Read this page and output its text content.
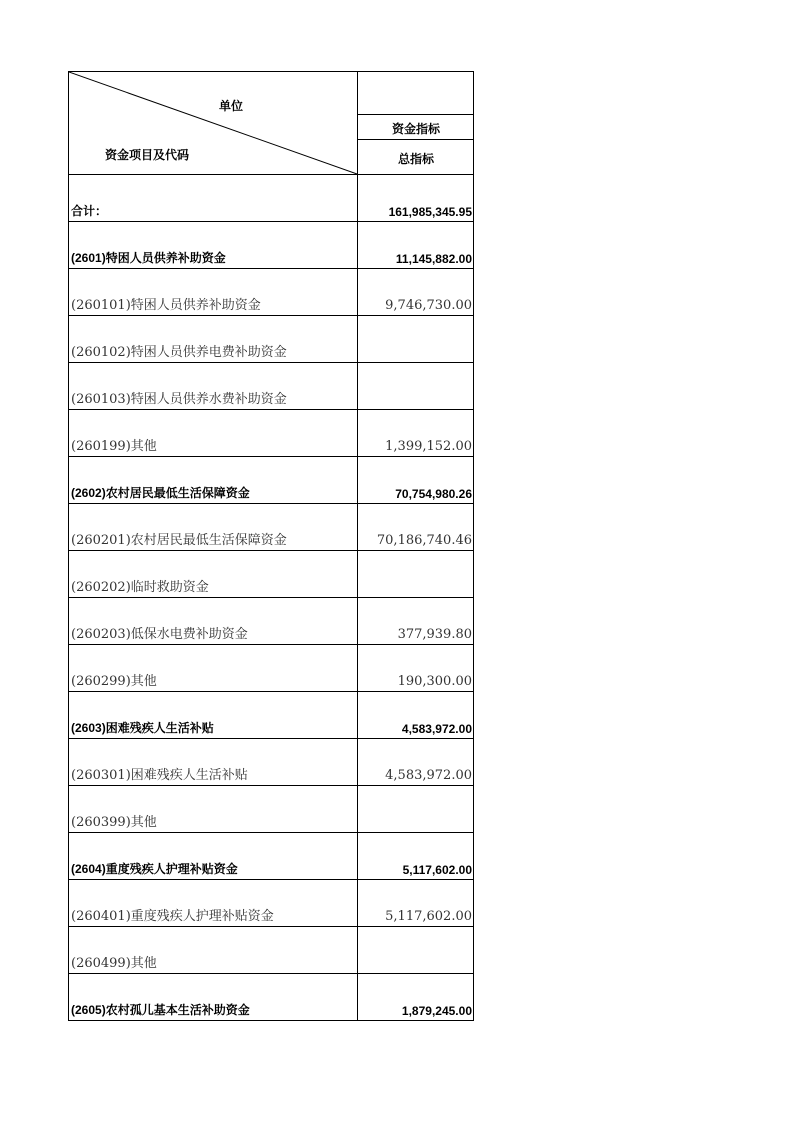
单位
资金项目及代码
资金指标
总指标
合计：	161,985,345.95
(2601)特困人员供养补助资金	11,145,882.00
(260101)特困人员供养补助资金	9,746,730.00
(260102)特困人员供养电费补助资金
(260103)特困人员供养水费补助资金
(260199)其他	1,399,152.00
(2602)农村居民最低生活保障资金	70,754,980.26
(260201)农村居民最低生活保障资金	70,186,740.46
(260202)临时救助资金
(260203)低保水电费补助资金	377,939.80
(260299)其他	190,300.00
(2603)困难残疾人生活补贴	4,583,972.00
(260301)困难残疾人生活补贴	4,583,972.00
(260399)其他
(2604)重度残疾人护理补贴资金	5,117,602.00
(260401)重度残疾人护理补贴资金	5,117,602.00
(260499)其他
(2605)农村孤儿基本生活补助资金	1,879,245.00
